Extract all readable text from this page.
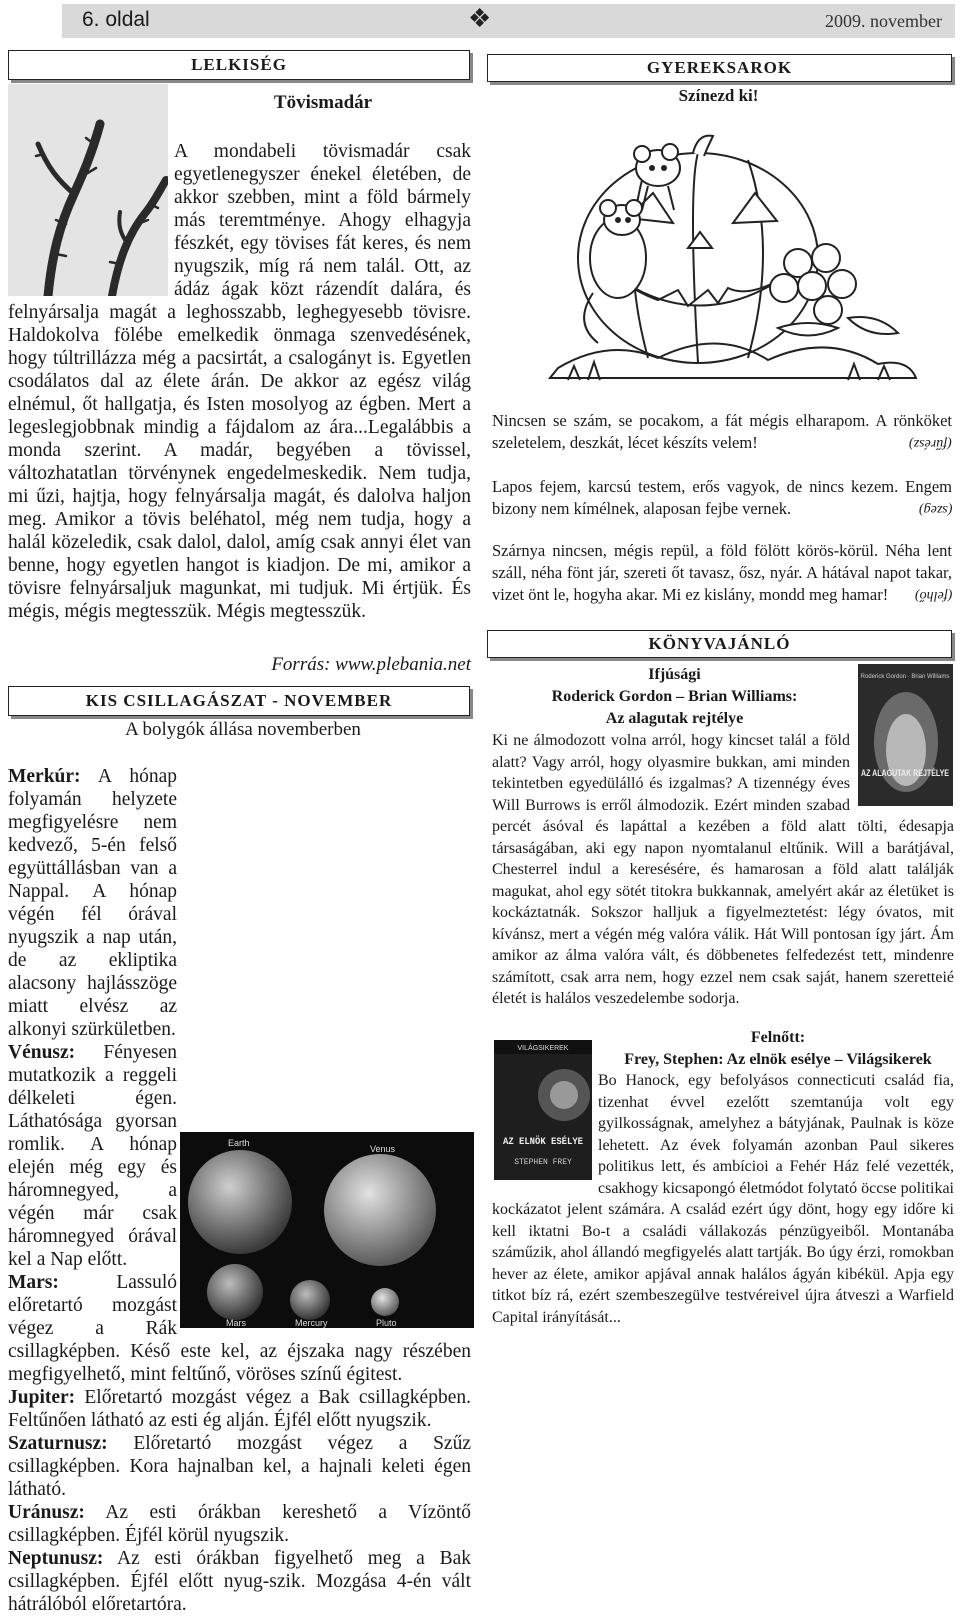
6. oldal	❖	2009. november
LELKISÉG
Tövismadár

A mondabeli tövismadár csak egyetlenegyszer énekel életében, de akkor szebben, mint a föld bármely más teremtménye. Ahogy elhagyja fészkét, egy tövises fát keres, és nem nyugszik, míg rá nem talál. Ott, az ádáz ágak közt rázendít dalára, és felnyársalja magát a leghosszabb, leghegyesebb tövisre. Haldokolva fölébe emelkedik önmaga szenvedésének, hogy túltrillázza még a pacsirtát, a csalogányt is. Egyetlen csodálatos dal az élete árán. De akkor az egész világ elnémul, őt hallgatja, és Isten mosolyog az égben. Mert a legeslegjobbnak mindig a fájdalom az ára...Legalábbis a monda szerint. A madár, begyében a tövissel, változhatatlan törvénynek engedelmeskedik. Nem tudja, mi űzi, hajtja, hogy felnyársalja magát, és dalolva haljon meg. Amikor a tövis beléhatol, még nem tudja, hogy a halál közeledik, csak dalol, dalol, amíg csak annyi élet van benne, hogy egyetlen hangot is kiadjon. De mi, amikor a tövisre felnyársaljuk magunkat, mi tudjuk. Mi értjük. És mégis, mégis megtesszük. Mégis megtesszük.

Forrás: www.plebania.net
KIS CSILLAGÁSZAT - NOVEMBER
A bolygók állása novemberben

Merkúr: A hónap folyamán helyzete megfigyelésre nem kedvező, 5-én felső együttállásban van a Nappal. A hónap végén fél órával nyugszik a nap után, de az ekliptika alacsony hajlásszöge miatt elvész az alkonyi szürkületben.

Vénusz: Fényesen mutatkozik a reggeli délkeleti égen. Láthatósága gyorsan romlik. A hónap elején még egy és háromnegyed, a végén már csak háromnegyed órával kel a Nap előtt.

Mars: Lassuló előretartó mozgást végez a Rák csillagképben. Késő este kel, az éjszaka nagy részében megfigyelhető, mint feltűnő, vöröses színű égitest.

Jupiter: Előretartó mozgást végez a Bak csillagképben. Feltűnően látható az esti ég alján. Éjfél előtt nyugszik.

Szaturnusz: Előretartó mozgást végez a Szűz csillagképben. Kora hajnalban kel, a hajnali keleti égen látható.

Uránusz: Az esti órákban kereshető a Vízöntő csillagképben. Éjfél körül nyugszik.

Neptunusz: Az esti órákban figyelhető meg a Bak csillagképben. Éjfél előtt nyug-szik. Mozgása 4-én vált hátrálóból előretartóra.

Earth
Venus
Mars	Mercury	Pluto
GYEREKSAROK
Színezd ki!
Nincsen se szám, se pocakom, a fát mégis elharapom. A rönköket szeletelem, deszkát, lécet készíts velem!	(fűrész)
Lapos fejem, karcsú testem, erős vagyok, de nincs kezem. Engem bizony nem kímélnek, alaposan fejbe vernek.	(szeg)
Szárnya nincsen, mégis repül, a föld fölött körös-körül. Néha lent száll, néha fönt jár, szereti őt tavasz, ősz, nyár. A hátával napot takar, vizet önt le, hogyha akar. Mi ez kislány, mondd meg hamar! (felhő)
KÖNYVAJÁNLÓ
Ifjúsági
Roderick Gordon – Brian Williams:
Az alagutak rejtélye
Roderick Gordon · Brian Williams
AZ ALAGUTAK REJTÉLYE

Ki ne álmodozott volna arról, hogy kincset talál a föld alatt? Vagy arról, hogy olyasmire bukkan, ami minden tekintetben egyedülálló és izgalmas? A tizennégy éves Will Burrows is erről álmodozik. Ezért minden szabad percét ásóval és lapáttal a kezében a föld alatt tölti, édesapja társaságában, aki egy napon nyomtalanul eltűnik. Will a barátjával, Chesterrel indul a keresésére, és hamarosan a föld alatt találják magukat, ahol egy sötét titokra bukkannak, amelyért akár az életüket is kockáztatnák. Sokszor halljuk a figyelmeztetést: légy óvatos, mit kívánsz, mert a végén még valóra válik. Hát Will pontosan így járt. Ám amikor az álma valóra vált, és döbbenetes felfedezést tett, mindenre számított, csak arra nem, hogy ezzel nem csak saját, hanem szeretteié életét is halálos veszedelembe sodorja.

Felnőtt:
Frey, Stephen: Az elnök esélye – Világsikerek
VILÁGSIKEREK
AZ ELNÖK ESÉLYE
STEPHEN FREY

Bo Hanock, egy befolyásos connecticuti család fia, tizenhat évvel ezelőtt szemtanúja volt egy gyilkosságnak, amelyhez a bátyjának, Paulnak is köze lehetett. Az évek folyamán azonban Paul sikeres politikus lett, és ambícioi a Fehér Ház felé vezették, csakhogy kicsapongó életmódot folytató öccse politikai kockázatot jelent számára. A család ezért úgy dönt, hogy egy időre ki kell iktatni Bo-t a családi vállakozás pénzügyeiből. Montanába száműzik, ahol állandó megfigyelés alatt tartják. Bo úgy érzi, romokban hever az élete, amikor apjával annak halálos ágyán kibékül. Apja egy titkot bíz rá, ezért szembeszegülve testvéreivel újra átveszi a Warfield Capital irányítását...
